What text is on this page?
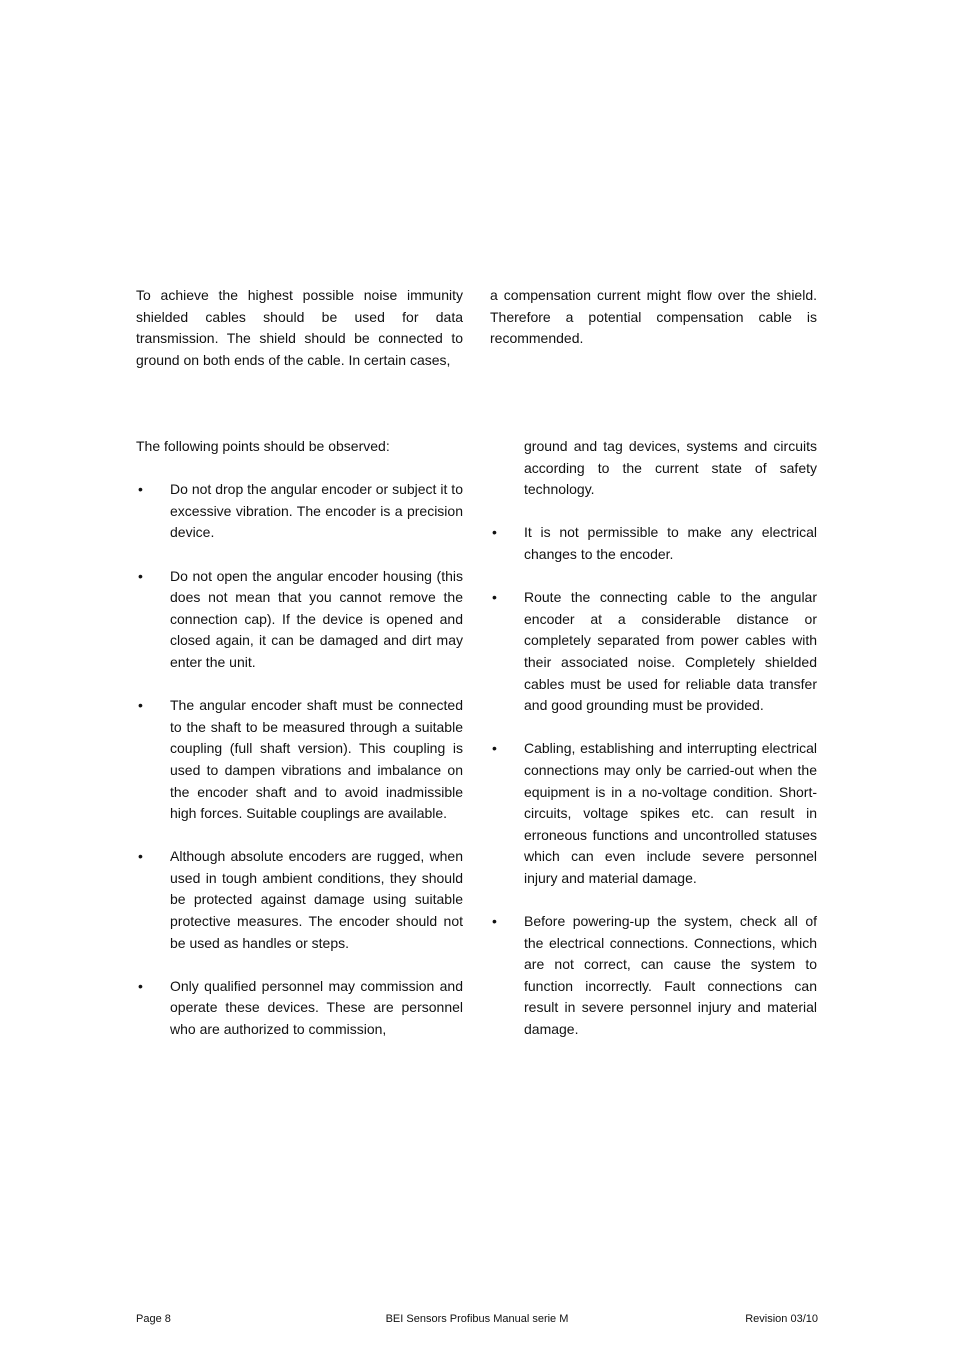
To achieve the highest possible noise immunity shielded cables should be used for data transmission. The shield should be connected to ground on both ends of the cable. In certain cases,

a compensation current might flow over the shield. Therefore a potential compensation cable is recommended.

The following points should be observed:

• Do not drop the angular encoder or subject it to excessive vibration. The encoder is a precision device.

• Do not open the angular encoder housing (this does not mean that you cannot remove the connection cap). If the device is opened and closed again, it can be damaged and dirt may enter the unit.

• The angular encoder shaft must be connected to the shaft to be measured through a suitable coupling (full shaft version). This coupling is used to dampen vibrations and imbalance on the encoder shaft and to avoid inadmissible high forces. Suitable couplings are available.

• Although absolute encoders are rugged, when used in tough ambient conditions, they should be protected against damage using suitable protective measures. The encoder should not be used as handles or steps.

• Only qualified personnel may commission and operate these devices. These are personnel who are authorized to commission,

ground and tag devices, systems and circuits according to the current state of safety technology.

• It is not permissible to make any electrical changes to the encoder.

• Route the connecting cable to the angular encoder at a considerable distance or completely separated from power cables with their associated noise. Completely shielded cables must be used for reliable data transfer and good grounding must be provided.

• Cabling, establishing and interrupting electrical connections may only be carried-out when the equipment is in a no-voltage condition. Short-circuits, voltage spikes etc. can result in erroneous functions and uncontrolled statuses which can even include severe personnel injury and material damage.

• Before powering-up the system, check all of the electrical connections. Connections, which are not correct, can cause the system to function incorrectly. Fault connections can result in severe personnel injury and material damage.

BEI Sensors Profibus Manual serie M
Page 8	Revision 03/10
